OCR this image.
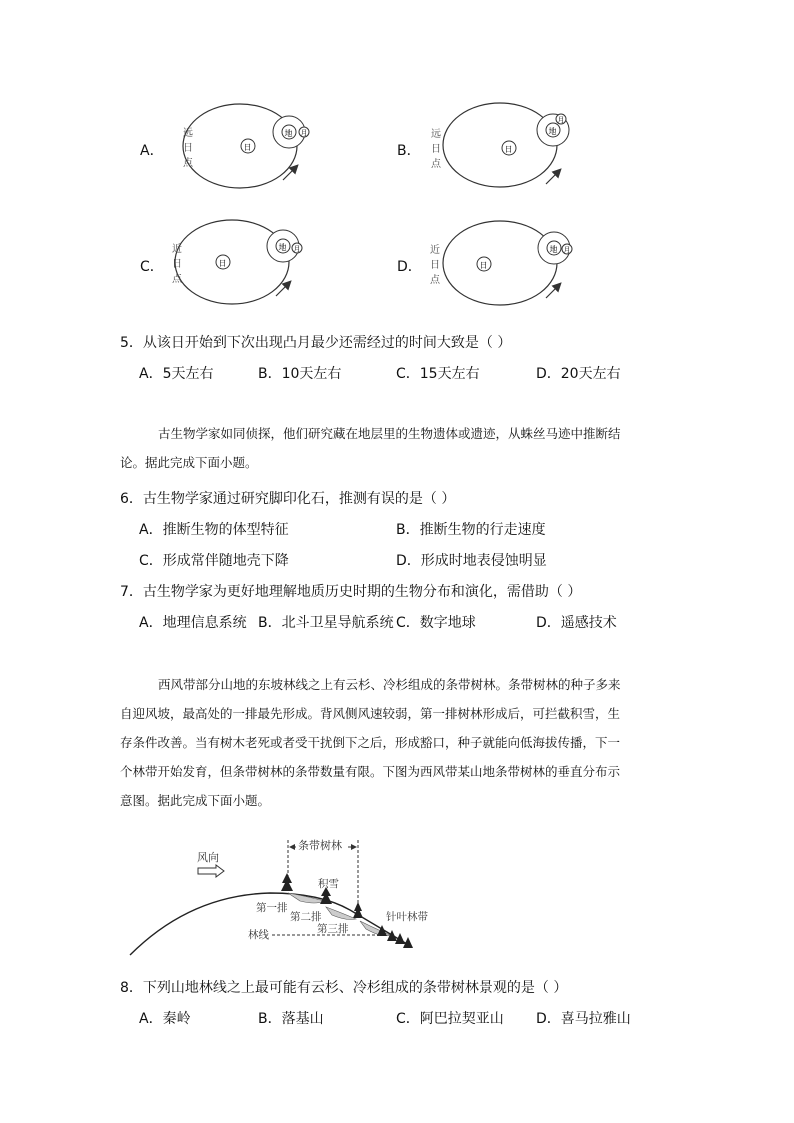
A．	B．
C．	D．
远
日
点
日
地 月	远
日
点
日
地
月
近
日
点
日
地 月	近
日
点
日
地 月
5．从该日开始到下次出现凸月最少还需经过的时间大致是（ ）
A．5天左右	B．10天左右	C．15天左右	D．20天左右
古生物学家如同侦探，他们研究藏在地层里的生物遗体或遗迹，从蛛丝马迹中推断结
论。据此完成下面小题。
6．古生物学家通过研究脚印化石，推测有误的是（ ）
A．推断生物的体型特征	B．推断生物的行走速度
C．形成常伴随地壳下降	D．形成时地表侵蚀明显
7．古生物学家为更好地理解地质历史时期的生物分布和演化，需借助（ ）
A．地理信息系统 B．北斗卫星导航系统 C．数字地球	D．遥感技术
西风带部分山地的东坡林线之上有云杉、冷杉组成的条带树林。条带树林的种子多来
自迎风坡，最高处的一排最先形成。背风侧风速较弱，第一排树林形成后，可拦截积雪，生
存条件改善。当有树木老死或者受干扰倒下之后，形成豁口，种子就能向低海拔传播，下一
个林带开始发育，但条带树林的条带数量有限。下图为西风带某山地条带树林的垂直分布示
意图。据此完成下面小题。
风向
条带树林
积雪
第一排
第二排
第三排
针叶林带
林线
8．下列山地林线之上最可能有云杉、冷杉组成的条带树林景观的是（ ）
A．秦岭	B．落基山	C．阿巴拉契亚山 D．喜马拉雅山
